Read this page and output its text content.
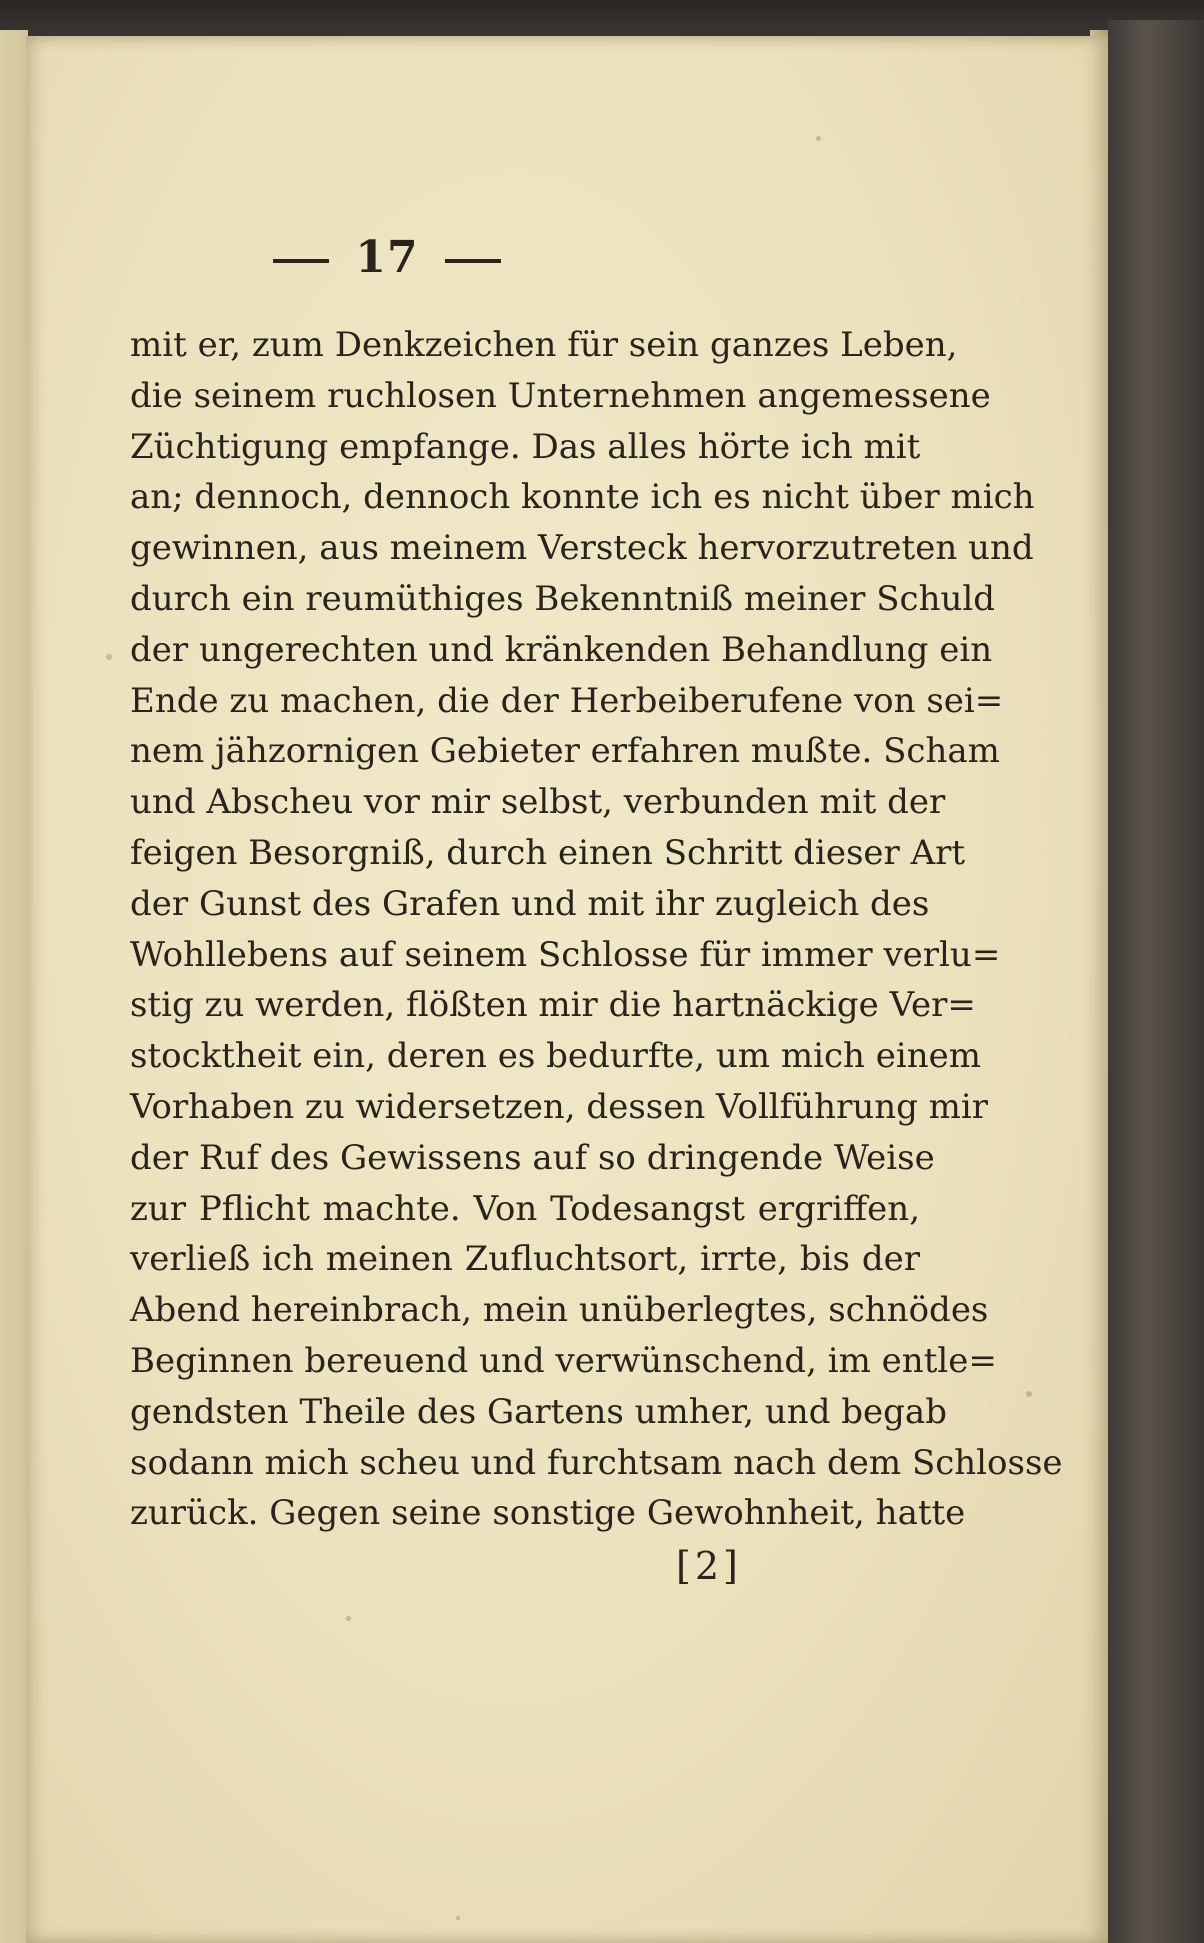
17
mit er, zum Denkzeichen für sein ganzes Leben,
die seinem ruchlosen Unternehmen angemessene
Züchtigung empfange. Das alles hörte ich mit
an; dennoch, dennoch konnte ich es nicht über mich
gewinnen, aus meinem Versteck hervorzutreten und
durch ein reumüthiges Bekenntniß meiner Schuld
der ungerechten und kränkenden Behandlung ein
Ende zu machen, die der Herbeiberufene von sei=
nem jähzornigen Gebieter erfahren mußte. Scham
und Abscheu vor mir selbst, verbunden mit der
feigen Besorgniß, durch einen Schritt dieser Art
der Gunst des Grafen und mit ihr zugleich des
Wohllebens auf seinem Schlosse für immer verlu=
stig zu werden, flößten mir die hartnäckige Ver=
stocktheit ein, deren es bedurfte, um mich einem
Vorhaben zu widersetzen, dessen Vollführung mir
der Ruf des Gewissens auf so dringende Weise
zur Pflicht machte. Von Todesangst ergriffen,
verließ ich meinen Zufluchtsort, irrte, bis der
Abend hereinbrach, mein unüberlegtes, schnödes
Beginnen bereuend und verwünschend, im entle=
gendsten Theile des Gartens umher, und begab
sodann mich scheu und furchtsam nach dem Schlosse
zurück. Gegen seine sonstige Gewohnheit, hatte
[2]
